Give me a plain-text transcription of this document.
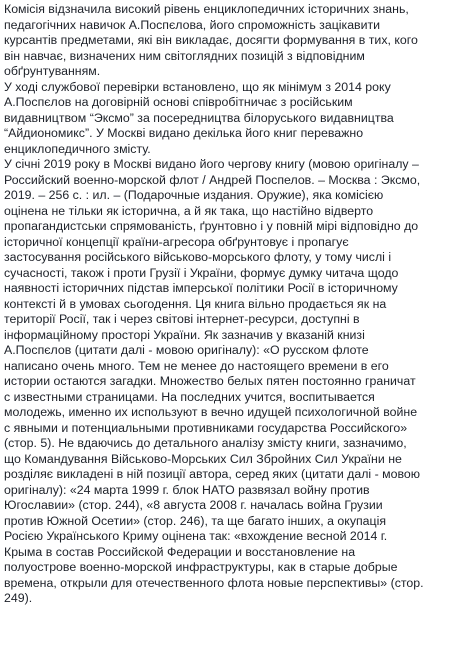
Комісія відзначила високий рівень енциклопедичних історичних знань,
педагогічних навичок А.Поспєлова, його спроможність зацікавити
курсантів предметами, які він викладає, досягти формування в тих, кого
він навчає, визначених ним світоглядних позицій з відповідним
обґрунтуванням.

У ході службової перевірки встановлено, що як мінімум з 2014 року
А.Поспєлов на договірній основі співробітничає з російським
видавництвом “Эксмо” за посередництва білоруського видавництва
“Айдиономикс”. У Москві видано декілька його книг переважно
енциклопедичного змісту.

У січні 2019 року в Москві видано його чергову книгу (мовою оригіналу –
Российский военно-морской флот / Андрей Поспелов. – Москва : Эксмо,
2019. – 256 с. : ил. – (Подарочные издания. Оружие), яка комісією
оцінена не тільки як історична, а й як така, що настійно відверто
пропагандистськи спрямованість, ґрунтовно і у повній мірі відповідно до
історичної концепції країни-агресора обґрунтовує і пропагує
застосування російського військово-морського флоту, у тому числі і
сучасності, також і проти Грузії і України, формує думку читача щодо
наявності історичних підстав імперської політики Росії в історичному
контексті й в умовах сьогодення. Ця книга вільно продається як на
території Росії, так і через світові інтернет-ресурси, доступні в
інформаційному просторі України. Як зазначив у вказаній книзі
А.Поспєлов (цитати далі - мовою оригіналу): «О русском флоте
написано очень много. Тем не менее до настоящего времени в его
истории остаются загадки. Множество белых пятен постоянно граничат
с известными страницами. На последних учится, воспитывается
молодежь, именно их используют в вечно идущей психологичной войне
с явными и потенциальными противниками государства Российского»
(стор. 5). Не вдаючись до детального аналізу змісту книги, зазначимо,
що Командування Військово-Морських Сил Збройних Сил України не
розділяє викладені в ній позиції автора, серед яких (цитати далі - мовою
оригіналу): «24 марта 1999 г. блок НАТО развязал войну против
Югославии» (стор. 244), «8 августа 2008 г. началась война Грузии
против Южной Осетии» (стор. 246), та ще багато інших, а окупація
Росією Українського Криму оцінена так: «вхождение весной 2014 г.
Крыма в состав Российской Федерации и восстановление на
полуострове военно-морской инфраструктуры, как в старые добрые
времена, открыли для отечественного флота новые перспективы» (стор.
249).
